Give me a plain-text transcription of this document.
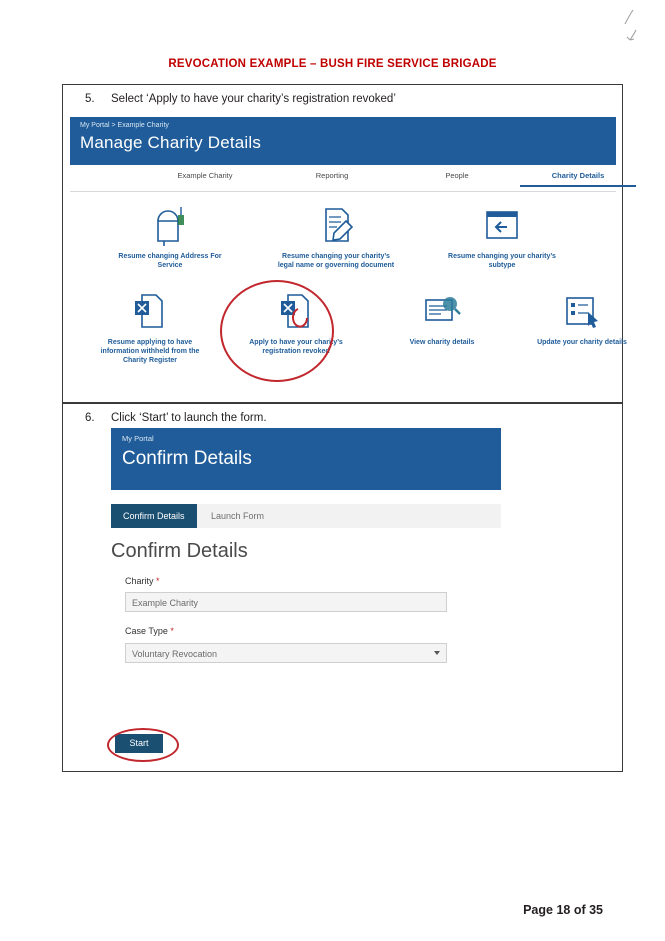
REVOCATION EXAMPLE – BUSH FIRE SERVICE BRIGADE
5. Select ‘Apply to have your charity’s registration revoked’
My Portal > Example Charity
Manage Charity Details
Example Charity	Reporting	People	Charity Details
Resume changing Address For Service
Resume changing your charity’s legal name or governing document
Resume changing your charity’s subtype
Resume applying to have information withheld from the Charity Register
Apply to have your charity’s registration revoked
View charity details	Update your charity details
6. Click ‘Start’ to launch the form.
My Portal
Confirm Details
Confirm Details	Launch Form
Confirm Details
Charity *
Example Charity
Case Type *
Voluntary Revocation
Start
Page 18 of 35
